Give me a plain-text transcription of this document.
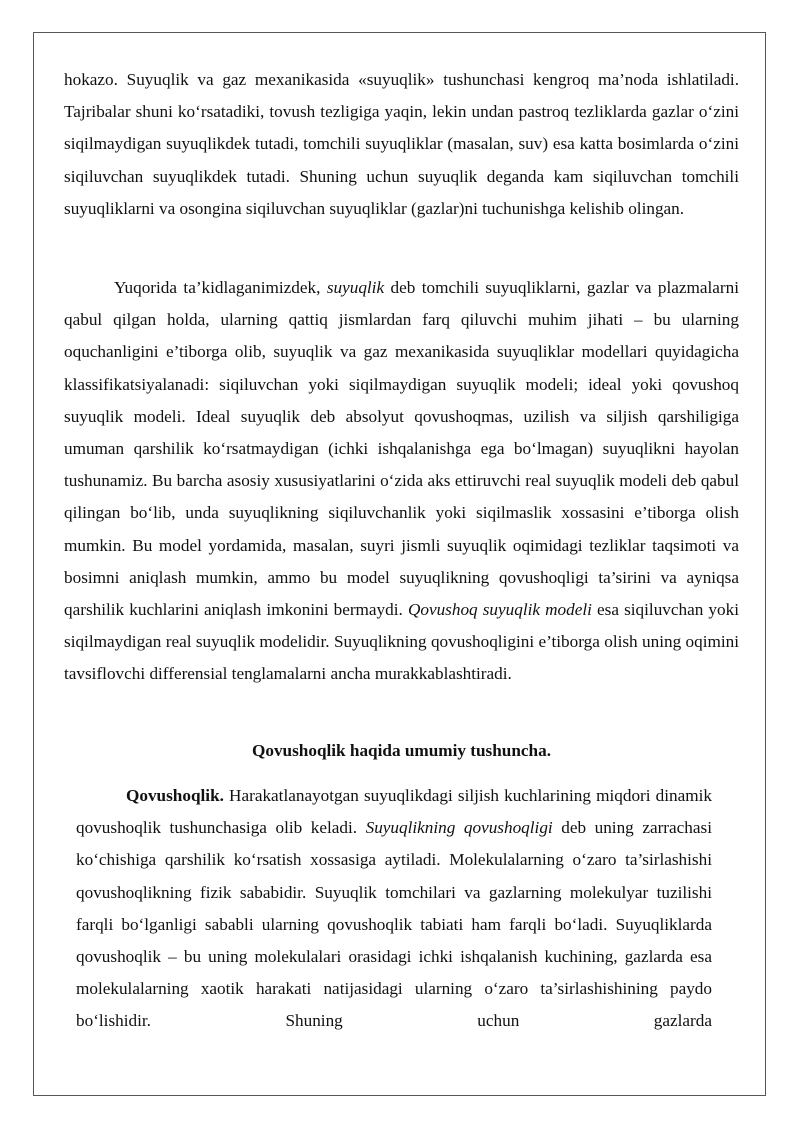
hokazo. Suyuqlik va gaz mexanikasida «suyuqlik» tushunchasi kengroq ma’noda ishlatiladi. Tajribalar shuni ko‘rsatadiki, tovush tezligiga yaqin, lekin undan pastroq tezliklarda gazlar o‘zini siqilmaydigan suyuqlikdek tutadi, tomchili suyuqliklar (masalan, suv) esa katta bosimlarda o‘zini siqiluvchan suyuqlikdek tutadi. Shuning uchun suyuqlik deganda kam siqiluvchan tomchili suyuqliklarni va osongina siqiluvchan suyuqliklar (gazlar)ni tuchunishga kelishib olingan.
Yuqorida ta’kidlaganimizdek, suyuqlik deb tomchili suyuqliklarni, gazlar va plazmalarni qabul qilgan holda, ularning qattiq jismlardan farq qiluvchi muhim jihati – bu ularning oquchanligini e’tiborga olib, suyuqlik va gaz mexanikasida suyuqliklar modellari quyidagicha klassifikatsiyalanadi: siqiluvchan yoki siqilmaydigan suyuqlik modeli; ideal yoki qovushoq suyuqlik modeli. Ideal suyuqlik deb absolyut qovushoqmas, uzilish va siljish qarshiligiga umuman qarshilik ko‘rsatmaydigan (ichki ishqalanishga ega bo‘lmagan) suyuqlikni hayolan tushunamiz. Bu barcha asosiy xususiyatlarini o‘zida aks ettiruvchi real suyuqlik modeli deb qabul qilingan bo‘lib, unda suyuqlikning siqiluvchanlik yoki siqilmaslik xossasini e’tiborga olish mumkin. Bu model yordamida, masalan, suyri jismli suyuqlik oqimidagi tezliklar taqsimoti va bosimni aniqlash mumkin, ammo bu model suyuqlikning qovushoqligi ta’sirini va ayniqsa qarshilik kuchlarini aniqlash imkonini bermaydi. Qovushoq suyuqlik modeli esa siqiluvchan yoki siqilmaydigan real suyuqlik modelidir. Suyuqlikning qovushoqligini e’tiborga olish uning oqimini tavsiflovchi differensial tenglamalarni ancha murakkablashtiradi.
Qovushoqlik haqida umumiy tushuncha.
Qovushoqlik. Harakatlanayotgan suyuqlikdagi siljish kuchlarining miqdori dinamik qovushoqlik tushunchasiga olib keladi. Suyuqlikning qovushoqligi deb uning zarrachasi ko‘chishiga qarshilik ko‘rsatish xossasiga aytiladi. Molekulalarning o‘zaro ta’sirlashishi qovushoqlikning fizik sababidir. Suyuqlik tomchilari va gazlarning molekulyar tuzilishi farqli bo‘lganligi sababli ularning qovushoqlik tabiati ham farqli bo‘ladi. Suyuqliklarda qovushoqlik – bu uning molekulalari orasidagi ichki ishqalanish kuchining, gazlarda esa molekulalarning xaotik harakati natijasidagi ularning o‘zaro ta’sirlashishining paydo bo‘lishidir. Shuning uchun gazlarda
